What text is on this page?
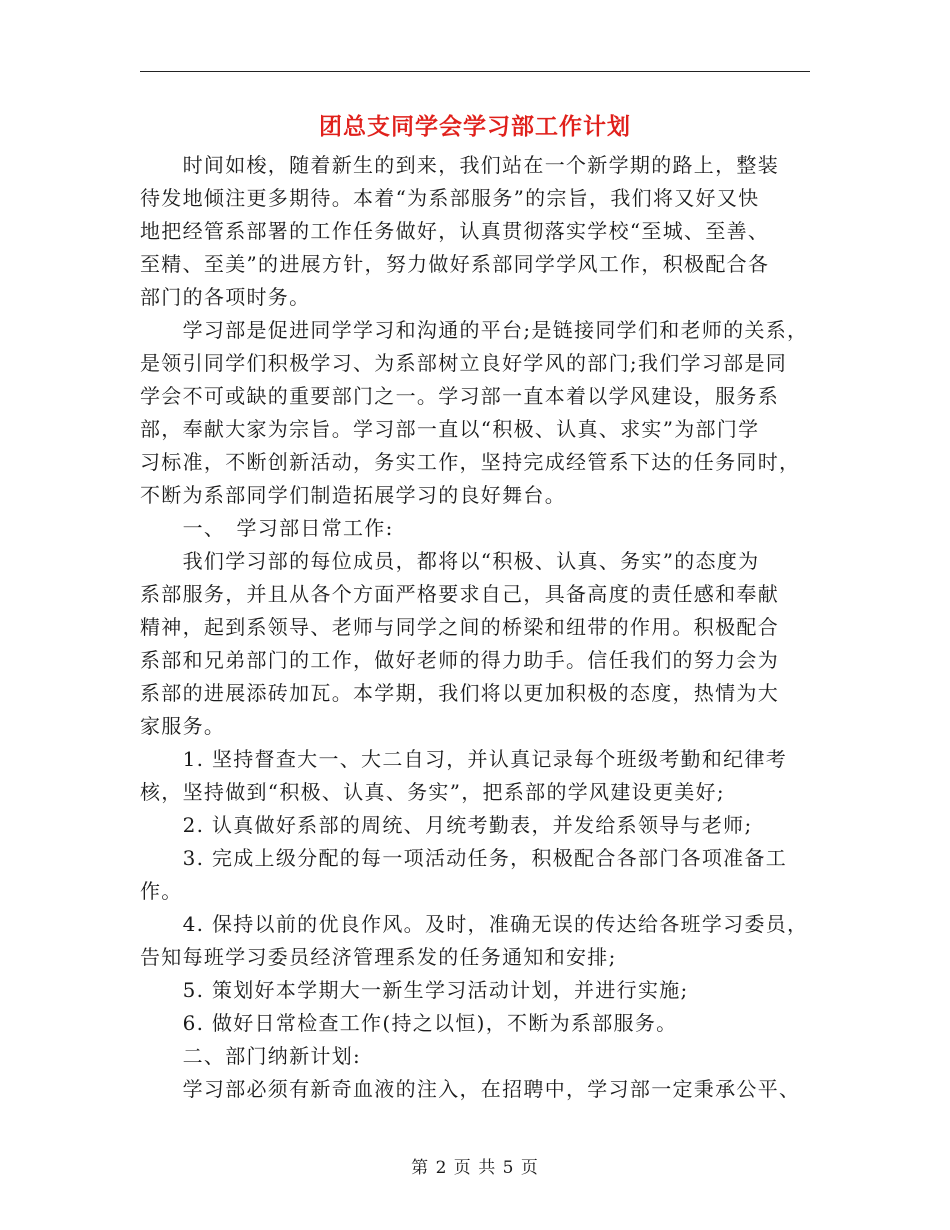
团总支同学会学习部工作计划
　　时间如梭，随着新生的到来，我们站在一个新学期的路上，整装
待发地倾注更多期待。本着“为系部服务”的宗旨，我们将又好又快
地把经管系部署的工作任务做好，认真贯彻落实学校“至城、至善、
至精、至美”的进展方针，努力做好系部同学学风工作，积极配合各
部门的各项时务。
　　学习部是促进同学学习和沟通的平台;是链接同学们和老师的关系，
是领引同学们积极学习、为系部树立良好学风的部门;我们学习部是同
学会不可或缺的重要部门之一。学习部一直本着以学风建设，服务系
部，奉献大家为宗旨。学习部一直以“积极、认真、求实”为部门学
习标准，不断创新活动，务实工作，坚持完成经管系下达的任务同时，
不断为系部同学们制造拓展学习的良好舞台。
　　一、　学习部日常工作:
　　我们学习部的每位成员，都将以“积极、认真、务实”的态度为
系部服务，并且从各个方面严格要求自己，具备高度的责任感和奉献
精神，起到系领导、老师与同学之间的桥梁和纽带的作用。积极配合
系部和兄弟部门的工作，做好老师的得力助手。信任我们的努力会为
系部的进展添砖加瓦。本学期，我们将以更加积极的态度，热情为大
家服务。
　　1. 坚持督查大一、大二自习，并认真记录每个班级考勤和纪律考
核，坚持做到“积极、认真、务实”，把系部的学风建设更美好;
　　2. 认真做好系部的周统、月统考勤表，并发给系领导与老师;
　　3. 完成上级分配的每一项活动任务，积极配合各部门各项准备工
作。
　　4. 保持以前的优良作风。及时，准确无误的传达给各班学习委员，
告知每班学习委员经济管理系发的任务通知和安排;
　　5. 策划好本学期大一新生学习活动计划，并进行实施;
　　6. 做好日常检查工作(持之以恒)，不断为系部服务。
　　二、部门纳新计划:
　　学习部必须有新奇血液的注入，在招聘中，学习部一定秉承公平、
第 2 页 共 5 页
